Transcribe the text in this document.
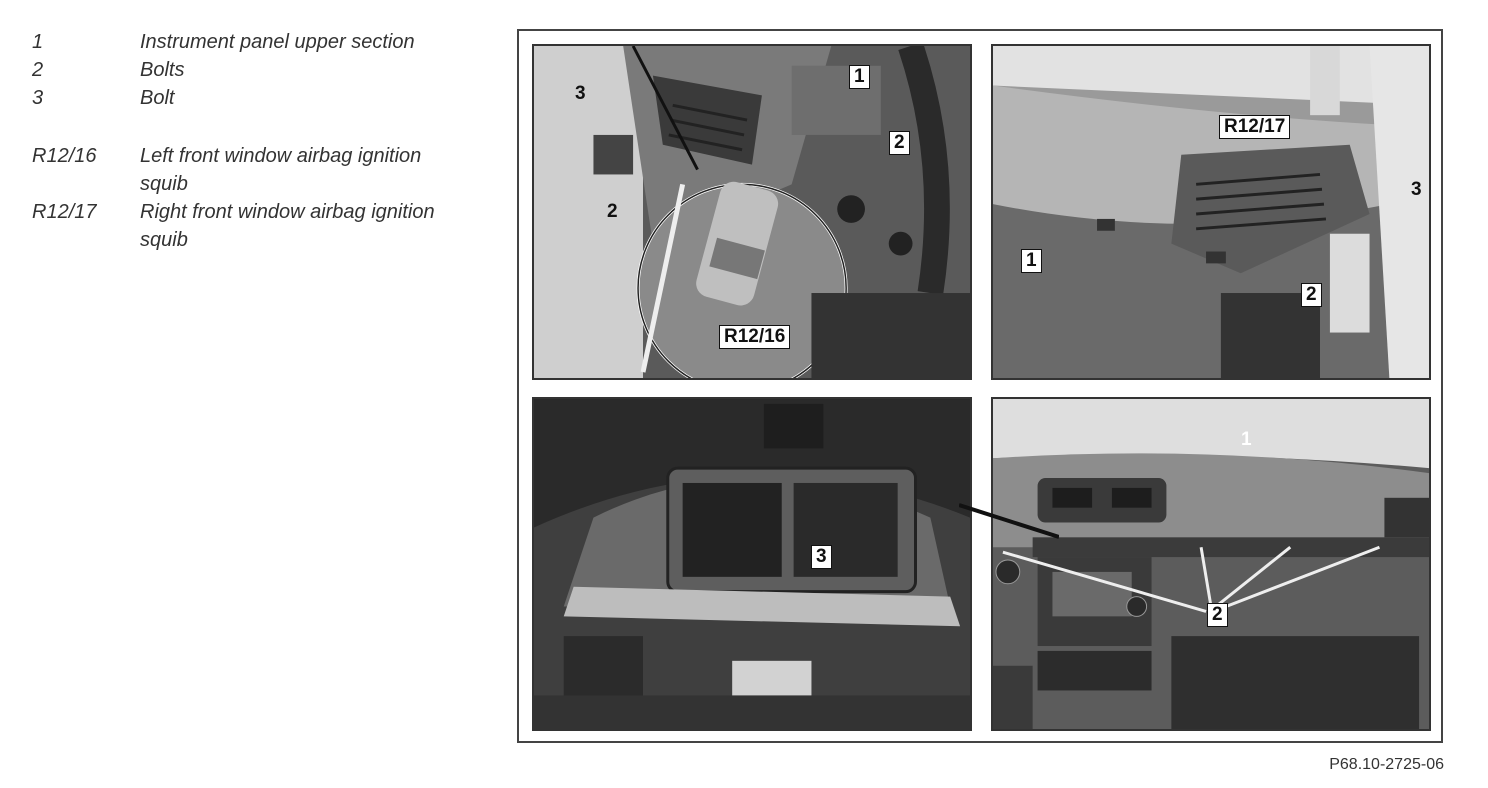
1	Instrument panel upper section
2	Bolts
3	Bolt
R12/16	Left front window airbag ignition squib
R12/17	Right front window airbag ignition squib
1
2
3
2
R12/16
R12/17
3
1
2
3
1
2
P68.10-2725-06
